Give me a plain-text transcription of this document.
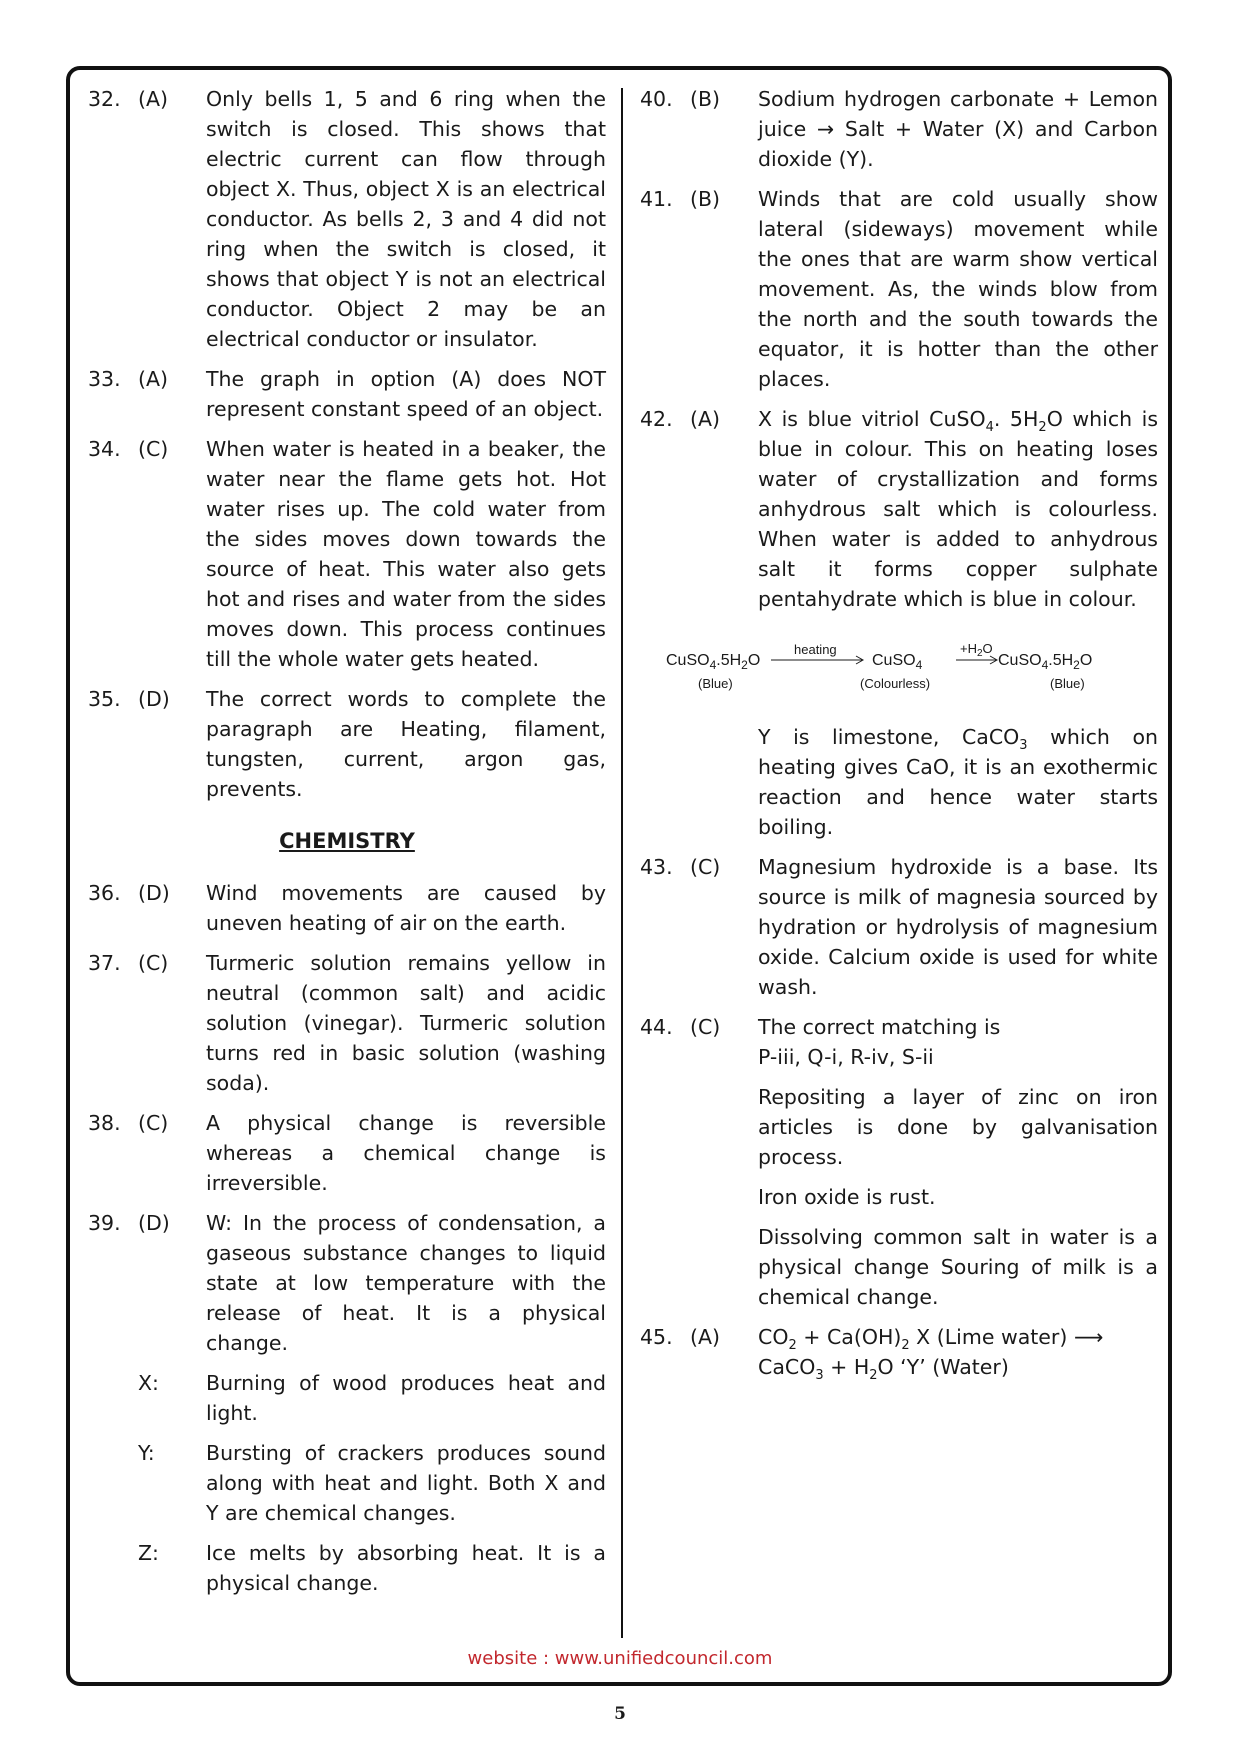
32. (A)	Only bells 1, 5 and 6 ring when the switch is closed. This shows that electric current can flow through object X. Thus, object X is an electrical conductor. As bells 2, 3 and 4 did not ring when the switch is closed, it shows that object Y is not an electrical conductor. Object 2 may be an electrical conductor or insulator.
33. (A)	The graph in option (A) does NOT represent constant speed of an object.
34. (C)	When water is heated in a beaker, the water near the flame gets hot. Hot water rises up. The cold water from the sides moves down towards the source of heat. This water also gets hot and rises and water from the sides moves down. This process continues till the whole water gets heated.
35. (D)	The correct words to complete the paragraph are Heating, filament, tungsten, current, argon gas, prevents.
CHEMISTRY
36. (D)	Wind movements are caused by uneven heating of air on the earth.
37. (C)	Turmeric solution remains yellow in neutral (common salt) and acidic solution (vinegar). Turmeric solution turns red in basic solution (washing soda).
38. (C)	A physical change is reversible whereas a chemical change is irreversible.
39. (D)	W: In the process of condensation, a gaseous substance changes to liquid state at low temperature with the release of heat. It is a physical change.
X:	Burning of wood produces heat and light.
Y:	Bursting of crackers produces sound along with heat and light. Both X and Y are chemical changes.
Z:	Ice melts by absorbing heat. It is a physical change.
40. (B)	Sodium hydrogen carbonate + Lemon juice → Salt + Water (X) and Carbon dioxide (Y).
41. (B)	Winds that are cold usually show lateral (sideways) movement while the ones that are warm show vertical movement. As, the winds blow from the north and the south towards the equator, it is hotter than the other places.
42. (A)	X is blue vitriol CuSO$_4$. $5H_2O$ which is blue in colour. This on heating loses water of crystallization and forms anhydrous salt which is colourless. When water is added to anhydrous salt it forms copper sulphate pentahydrate which is blue in colour.
$CuSO_4.5H_2O$
(Blue)
heating
CuSO$_4$
(Colourless)
$+H_2O$
$CuSO_4.5H_2O$
(Blue)
Y is limestone, CaCO$_3$ which on heating gives CaO, it is an exothermic reaction and hence water starts boiling.
43. (C)	Magnesium hydroxide is a base. Its source is milk of magnesia sourced by hydration or hydrolysis of magnesium oxide. Calcium oxide is used for white wash.
44. (C)	The correct matching is
P-iii, Q-i, R-iv, S-ii
Repositing a layer of zinc on iron articles is done by galvanisation process.
Iron oxide is rust.
Dissolving common salt in water is a physical change Souring of milk is a chemical change.
45. (A)	$CO_2 + Ca(OH)_2$ X (Lime water) ⟶
CaCO$_3$ + $H_2O$ ‘Y’ (Water)
website : www.unifiedcouncil.com
5
